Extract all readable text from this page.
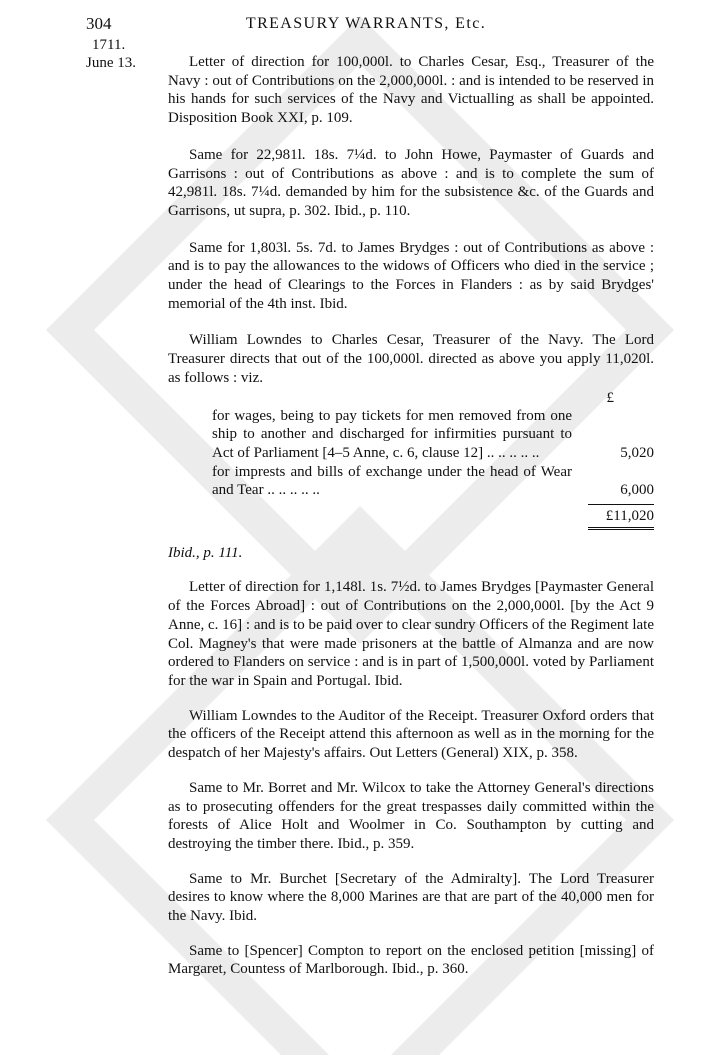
304	TREASURY WARRANTS, Etc.
1711.
June 13.	Letter of direction for 100,000l. to Charles Cesar, Esq., Treasurer of the Navy : out of Contributions on the 2,000,000l. : and is intended to be reserved in his hands for such services of the Navy and Victualling as shall be appointed. Disposition Book XXI, p. 109.

Same for 22,981l. 18s. 7¼d. to John Howe, Paymaster of Guards and Garrisons : out of Contributions as above : and is to complete the sum of 42,981l. 18s. 7¼d. demanded by him for the subsistence &c. of the Guards and Garrisons, ut supra, p. 302. Ibid., p. 110.

Same for 1,803l. 5s. 7d. to James Brydges : out of Contributions as above : and is to pay the allowances to the widows of Officers who died in the service ; under the head of Clearings to the Forces in Flanders : as by said Brydges' memorial of the 4th inst. Ibid.

William Lowndes to Charles Cesar, Treasurer of the Navy. The Lord Treasurer directs that out of the 100,000l. directed as above you apply 11,020l. as follows : viz.

£
for wages, being to pay tickets for men removed from one ship to another and discharged for infirmities pursuant to Act of Parliament [4–5 Anne, c. 6, clause 12] .. .. .. .. ..	5,020
for imprests and bills of exchange under the head of Wear and Tear .. .. .. .. ..	6,000
£11,020

Ibid., p. 111.

Letter of direction for 1,148l. 1s. 7½d. to James Brydges [Paymaster General of the Forces Abroad] : out of Contributions on the 2,000,000l. [by the Act 9 Anne, c. 16] : and is to be paid over to clear sundry Officers of the Regiment late Col. Magney's that were made prisoners at the battle of Almanza and are now ordered to Flanders on service : and is in part of 1,500,000l. voted by Parliament for the war in Spain and Portugal. Ibid.

William Lowndes to the Auditor of the Receipt. Treasurer Oxford orders that the officers of the Receipt attend this afternoon as well as in the morning for the despatch of her Majesty's affairs. Out Letters (General) XIX, p. 358.

Same to Mr. Borret and Mr. Wilcox to take the Attorney General's directions as to prosecuting offenders for the great trespasses daily committed within the forests of Alice Holt and Woolmer in Co. Southampton by cutting and destroying the timber there. Ibid., p. 359.

Same to Mr. Burchet [Secretary of the Admiralty]. The Lord Treasurer desires to know where the 8,000 Marines are that are part of the 40,000 men for the Navy. Ibid.

Same to [Spencer] Compton to report on the enclosed petition [missing] of Margaret, Countess of Marlborough. Ibid., p. 360.
